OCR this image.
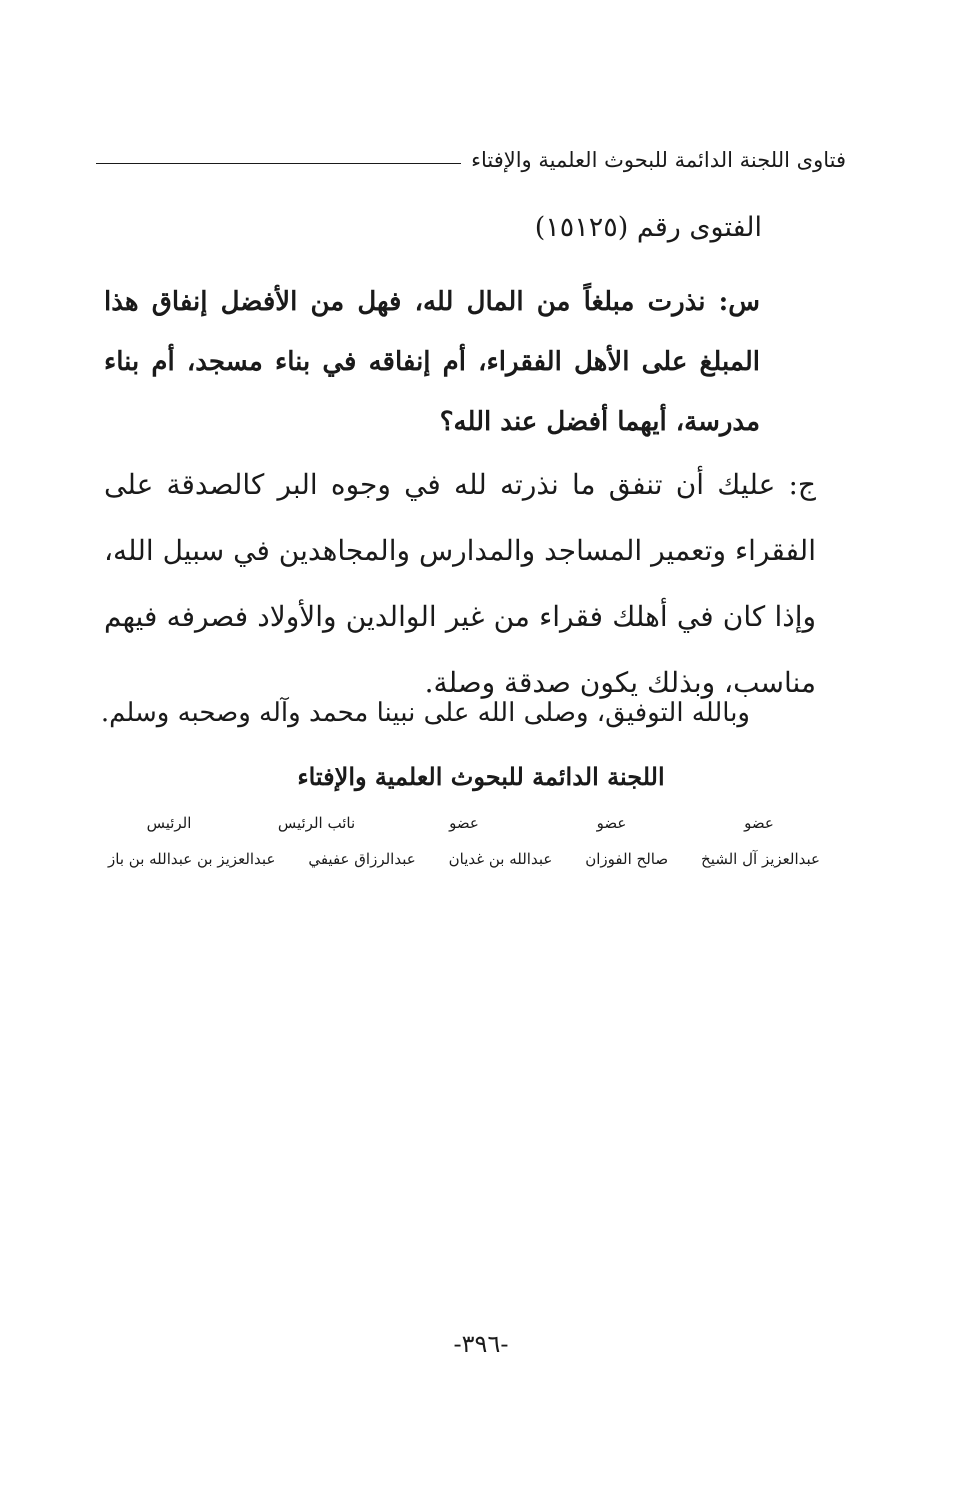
فتاوى اللجنة الدائمة للبحوث العلمية والإفتاء
الفتوى رقم (١٥١٢٥)
س: نذرت مبلغاً من المال لله، فهل من الأفضل إنفاق هذا المبلغ على الأهل الفقراء، أم إنفاقه في بناء مسجد، أم بناء مدرسة، أيهما أفضل عند الله؟
ج: عليك أن تنفق ما نذرته لله في وجوه البر كالصدقة على الفقراء وتعمير المساجد والمدارس والمجاهدين في سبيل الله، وإذا كان في أهلك فقراء من غير الوالدين والأولاد فصرفه فيهم مناسب، وبذلك يكون صدقة وصلة.
وبالله التوفيق، وصلى الله على نبينا محمد وآله وصحبه وسلم.
اللجنة الدائمة للبحوث العلمية والإفتاء
عضو
عضو
عضو
نائب الرئيس
الرئيس
عبدالعزيز آل الشيخ
صالح الفوزان
عبدالله بن غديان
عبدالرزاق عفيفي
عبدالعزيز بن عبدالله بن باز
-٣٩٦-
